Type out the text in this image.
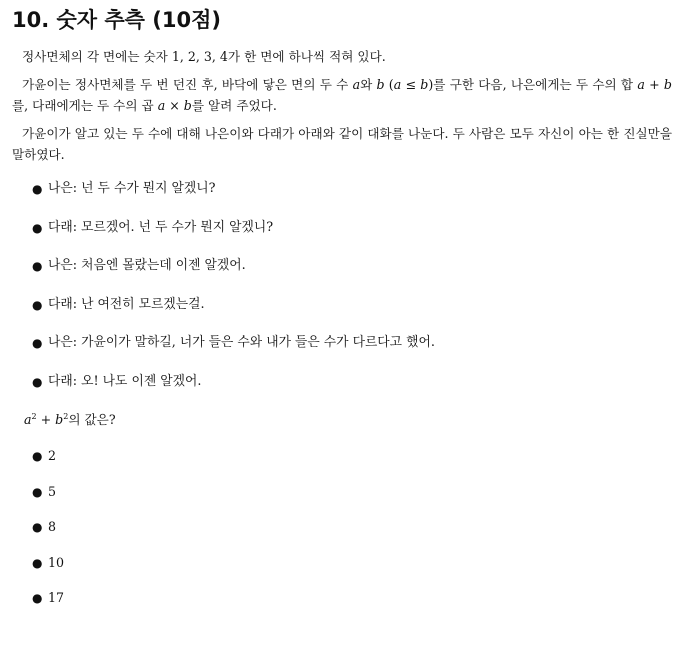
10. 숫자 추측 (10점)

정사면체의 각 면에는 숫자 1, 2, 3, 4가 한 면에 하나씩 적혀 있다.

가윤이는 정사면체를 두 번 던진 후, 바닥에 닿은 면의 두 수 a와 b (a ≤ b)를 구한 다음, 나은에게는 두 수의 합 a + b를, 다래에게는 두 수의 곱 a × b를 알려 주었다.

가윤이가 알고 있는 두 수에 대해 나은이와 다래가 아래와 같이 대화를 나눈다. 두 사람은 모두 자신이 아는 한 진실만을 말하였다.

● 나은: 넌 두 수가 뭔지 알겠니?
● 다래: 모르겠어. 넌 두 수가 뭔지 알겠니?
● 나은: 처음엔 몰랐는데 이젠 알겠어.
● 다래: 난 여전히 모르겠는걸.
● 나은: 가윤이가 말하길, 너가 들은 수와 내가 들은 수가 다르다고 했어.
● 다래: 오! 나도 이젠 알겠어.

$a^2 + b^2$의 값은?

● 2
● 5
● 8
● 10
● 17
